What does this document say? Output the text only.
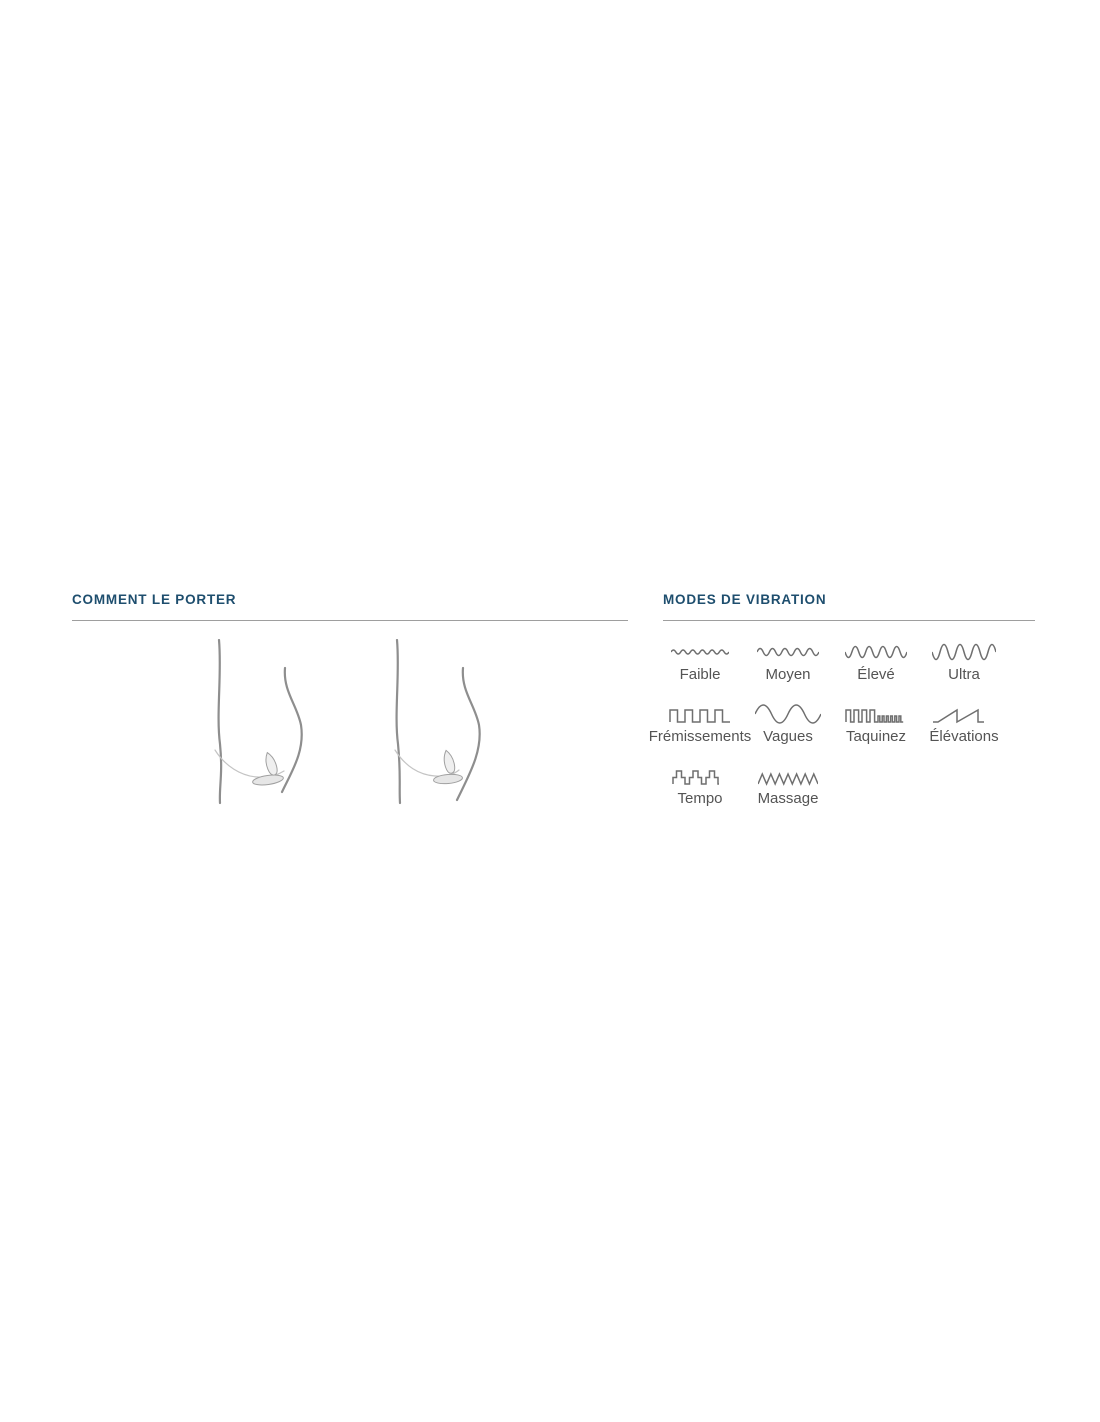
COMMENT LE PORTER	MODES DE VIBRATION
Faible	Moyen	Élevé	Ultra
Frémissements Vagues Taquinez Élévations
Tempo Massage
